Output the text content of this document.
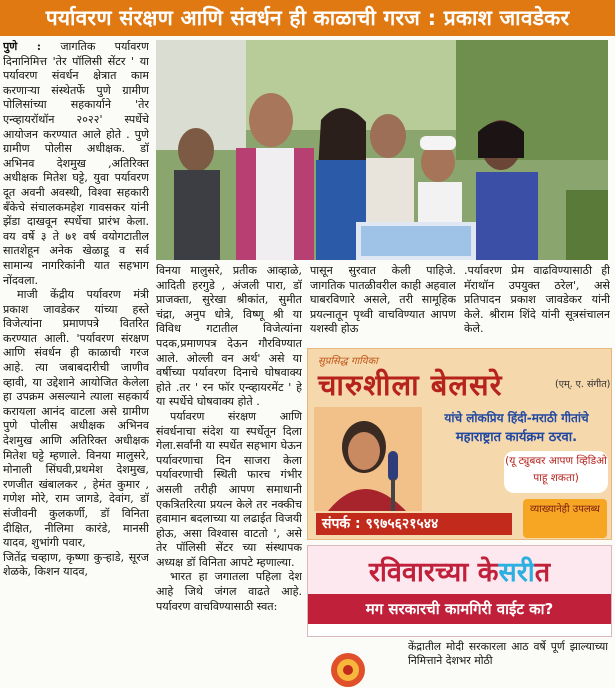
पर्यावरण संरक्षण आणि संवर्धन ही काळाची गरज : प्रकाश जावडेकर

पुणे : जागतिक पर्यावरण दिनानिमित्त 'तेर पॉलिसी सेंटर ' या पर्यावरण संवर्धन क्षेत्रात काम करणाऱ्या संस्थेतर्फे पुणे ग्रामीण पोलिसांच्या सहकार्याने 'तेर एन्व्हायरॉथॉन २०२२' स्पर्धेचे आयोजन करण्यात आले होते . पुणे ग्रामीण पोलीस अधीक्षक. डॉ अभिनव देशमुख ,अतिरिक्त अधीक्षक मितेश घट्टे, युवा पर्यावरण दूत अवनी अवस्थी, विश्वा सहकारी बँकेचे संचालकमहेश गावसकर यांनी झेंडा दाखवून स्पर्धेचा प्रारंभ केला. वय वर्षे ३ ते ७१ वर्ष वयोगटातील सातशेहून अनेक खेळाडू व सर्व सामान्य नागरिकांनी यात सहभाग नोंदवला.

माजी केंद्रीय पर्यावरण मंत्री प्रकाश जावडेकर यांच्या हस्ते विजेत्यांना प्रमाणपत्रे वितरित करण्यात आली. 'पर्यावरण संरक्षण आणि संवर्धन ही काळाची गरज आहे. त्या जबाबदारीची जाणीव व्हावी, या उद्देशाने आयोजित केलेला हा उपक्रम असल्याने त्याला सहकार्य करायला आनंद वाटला असे ग्रामीण पुणे पोलीस अधीक्षक अभिनव देशमुख आणि अतिरिक्त अधीक्षक मितेश घट्टे म्हणाले. विनया मालुसरे, मोनाली सिंघवी,प्रथमेश देशमुख, रणजीत खंबालकर , हेमंत कुमार , गणेश मोरे, राम जागडे, देवांग, डॉ संजीवनी कुलकर्णी, डॉ विनिता दीक्षित, नीलिमा कारंडे, मानसी यादव, शुभांगी पवार,

जितेंद्र चव्हाण, कृष्णा कुऱ्हाडे, सूरज शेळके, किशन यादव,

विनया मालुसरे, प्रतीक आव्हाळे, आदिती हरगुडे , अंजली पारा, डॉ प्राजक्ता, सुरेखा श्रीकांत, सुमीत चंद्रा, अनुप धोत्रे, विष्णू श्री या विविध गटातील विजेत्यांना पदक,प्रमाणपत्र देऊन गौरविण्यात आले. ओल्ली वन अर्थ' असे या वर्षीच्या पर्यावरण दिनाचे घोषवाक्य होते .तर ' रन फॉर एन्व्हायरमेंट ' हे या स्पर्धेचे घोषवाक्य होते .

पर्यावरण संरक्षण आणि संवर्धनाचा संदेश या स्पर्धेतून दिला गेला.सर्वांनी या स्पर्धेत सहभाग घेऊन पर्यावरणाचा दिन साजरा केला पर्यावरणाची स्थिती फारच गंभीर असली तरीही आपण समाधानी एकत्रितरित्या प्रयत्न केले तर नक्कीच हवामान बदलाच्या या लढाईत विजयी होऊ, असा विश्वास वाटतो ', असे तेर पॉलिसी सेंटर च्या संस्थापक अध्यक्ष डॉ विनिता आपटे म्हणाल्या.

भारत हा जगातला पहिला देश आहे जिथे जंगल वाढते आहे. पर्यावरण वाचविण्यासाठी स्वत:

पासून सुरवात केली पाहिजे. जागतिक पातळीवरील काही अहवाल घाबरविणारे असले, तरी सामूहिक प्रयत्नातून पृथ्वी वाचविण्यात आपण यशस्वी होऊ

.पर्यावरण प्रेम वाढविण्यासाठी ही मॅराथॉन उपयुक्त ठरेल', असे प्रतिपादन प्रकाश जावडेकर यांनी केले. श्रीराम शिंदे यांनी सूत्रसंचालन केले.

सुप्रसिद्ध गायिका
चारुशीला बेलसरे	(एम्. ए. संगीत)
यांचे लोकप्रिय हिंदी-मराठी गीतांचे
महाराष्ट्रात कार्यक्रम ठरवा.
(यू ट्युबवर आपण व्हिडिओ पाहू शकता)
संपर्क : ९९७५६२१५४४
व्याख्यानेही उपलब्ध
रविवारच्या केसरीत
मग सरकारची कामगिरी वाईट का?

केंद्रातील मोदी सरकारला आठ वर्षे पूर्ण झाल्याच्या निमित्ताने देशभर मोठी
